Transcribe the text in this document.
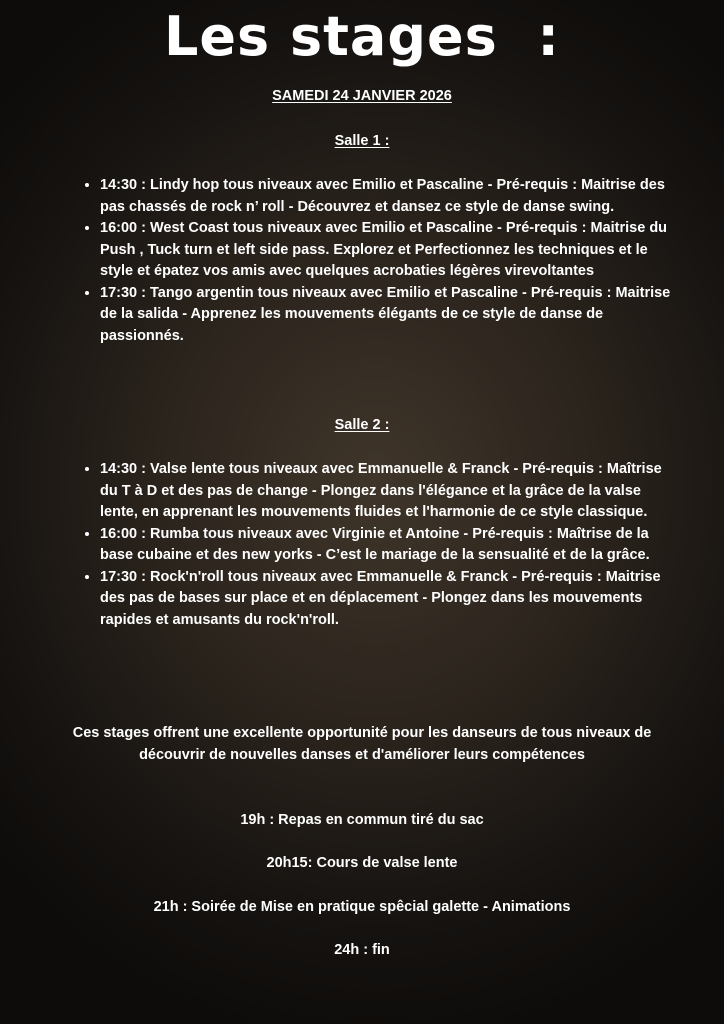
Les stages  :
SAMEDI 24 JANVIER 2026
Salle 1 :
• 14:30 : Lindy hop tous niveaux avec Emilio et Pascaline - Pré-requis : Maitrise des pas chassés de rock n’ roll - Découvrez et dansez ce style de danse swing.
• 16:00 : West Coast tous niveaux avec Emilio et Pascaline - Pré-requis : Maitrise du Push , Tuck turn et left side pass. Explorez et Perfectionnez les techniques et le style et épatez vos amis avec quelques acrobaties légères virevoltantes
• 17:30 : Tango argentin tous niveaux avec Emilio et Pascaline - Pré-requis : Maitrise de la salida - Apprenez les mouvements élégants de ce style de danse de passionnés.
Salle 2 :
• 14:30 : Valse lente tous niveaux avec Emmanuelle & Franck - Pré-requis : Maîtrise du T à D et des pas de change - Plongez dans l'élégance et la grâce de la valse lente, en apprenant les mouvements fluides et l'harmonie de ce style classique.
• 16:00 : Rumba tous niveaux avec Virginie et Antoine - Pré-requis : Maîtrise de la base cubaine et des new yorks - C’est le mariage de la sensualité et de la grâce.
• 17:30 : Rock'n'roll tous niveaux avec Emmanuelle & Franck - Pré-requis : Maitrise des pas de bases sur place et en déplacement - Plongez dans les mouvements rapides et amusants du rock'n'roll.
Ces stages offrent une excellente opportunité pour les danseurs de tous niveaux de découvrir de nouvelles danses et d'améliorer leurs compétences
19h : Repas en commun tiré du sac
20h15: Cours de valse lente
21h : Soirée de Mise en pratique spêcial galette - Animations
24h : fin
